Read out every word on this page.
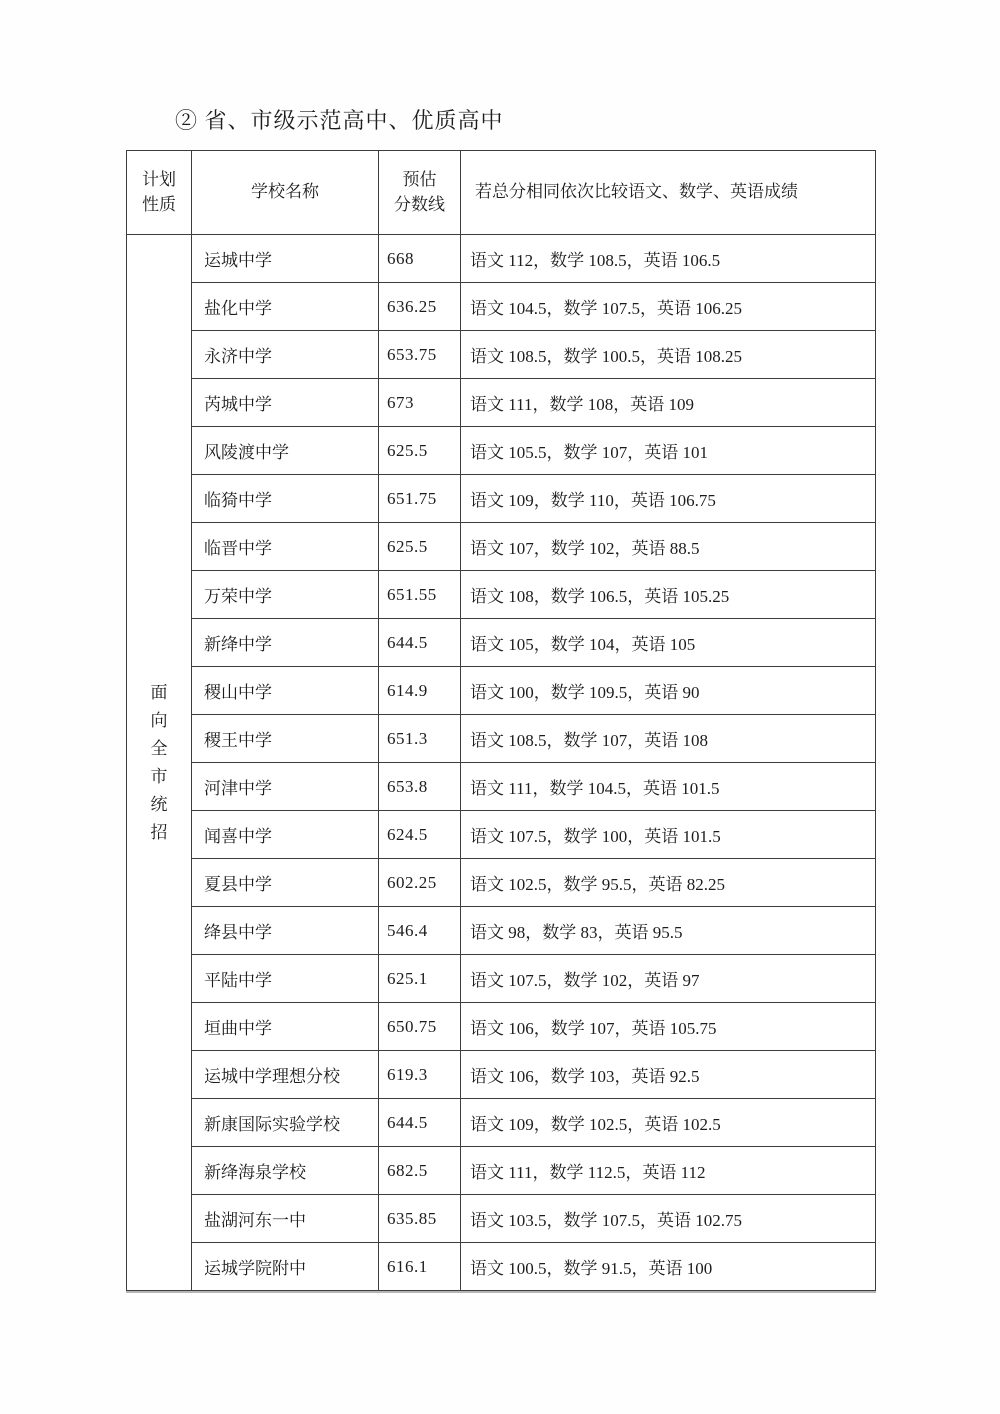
② 省、市级示范高中、优质高中
计划
性质	学校名称	预估
分数线	若总分相同依次比较语文、数学、英语成绩

面
向
全
市
统
招
	运城中学	668	语文 112，数学 108.5，英语 106.5
	盐化中学	636.25	语文 104.5，数学 107.5，英语 106.25
	永济中学	653.75	语文 108.5，数学 100.5，英语 108.25
	芮城中学	673	语文 111，数学 108，英语 109
	风陵渡中学	625.5	语文 105.5，数学 107，英语 101
	临猗中学	651.75	语文 109，数学 110，英语 106.75
	临晋中学	625.5	语文 107，数学 102，英语 88.5
	万荣中学	651.55	语文 108，数学 106.5，英语 105.25
	新绛中学	644.5	语文 105，数学 104，英语 105
	稷山中学	614.9	语文 100，数学 109.5，英语 90
	稷王中学	651.3	语文 108.5，数学 107，英语 108
	河津中学	653.8	语文 111，数学 104.5，英语 101.5
	闻喜中学	624.5	语文 107.5，数学 100，英语 101.5
	夏县中学	602.25	语文 102.5，数学 95.5，英语 82.25
	绛县中学	546.4	语文 98，数学 83，英语 95.5
	平陆中学	625.1	语文 107.5，数学 102，英语 97
	垣曲中学	650.75	语文 106，数学 107，英语 105.75
	运城中学理想分校	619.3	语文 106，数学 103，英语 92.5
	新康国际实验学校	644.5	语文 109，数学 102.5，英语 102.5
	新绛海泉学校	682.5	语文 111，数学 112.5，英语 112
	盐湖河东一中	635.85	语文 103.5，数学 107.5，英语 102.75
	运城学院附中	616.1	语文 100.5，数学 91.5，英语 100
